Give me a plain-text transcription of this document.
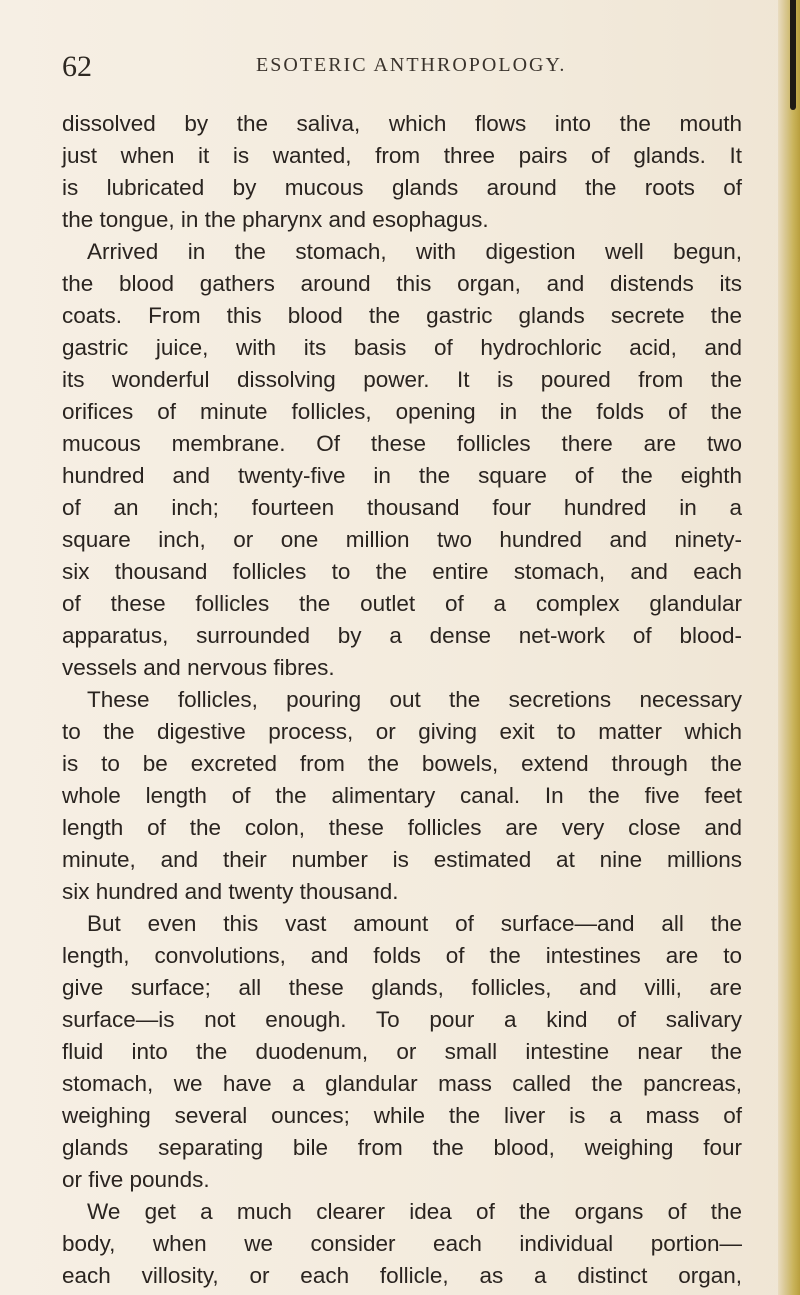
62	ESOTERIC ANTHROPOLOGY.
dissolved by the saliva, which flows into the mouth
just when it is wanted, from three pairs of glands. It
is lubricated by mucous glands around the roots of
the tongue, in the pharynx and esophagus.
Arrived in the stomach, with digestion well begun,
the blood gathers around this organ, and distends its
coats. From this blood the gastric glands secrete the
gastric juice, with its basis of hydrochloric acid, and
its wonderful dissolving power. It is poured from the
orifices of minute follicles, opening in the folds of the
mucous membrane. Of these follicles there are two
hundred and twenty-five in the square of the eighth
of an inch; fourteen thousand four hundred in a
square inch, or one million two hundred and ninety-
six thousand follicles to the entire stomach, and each
of these follicles the outlet of a complex glandular
apparatus, surrounded by a dense net-work of blood-
vessels and nervous fibres.
These follicles, pouring out the secretions necessary
to the digestive process, or giving exit to matter which
is to be excreted from the bowels, extend through the
whole length of the alimentary canal. In the five feet
length of the colon, these follicles are very close and
minute, and their number is estimated at nine millions
six hundred and twenty thousand.
But even this vast amount of surface—and all the
length, convolutions, and folds of the intestines are to
give surface; all these glands, follicles, and villi, are
surface—is not enough. To pour a kind of salivary
fluid into the duodenum, or small intestine near the
stomach, we have a glandular mass called the pancreas,
weighing several ounces; while the liver is a mass of
glands separating bile from the blood, weighing four
or five pounds.
We get a much clearer idea of the organs of the
body, when we consider each individual portion—
each villosity, or each follicle, as a distinct organ,
